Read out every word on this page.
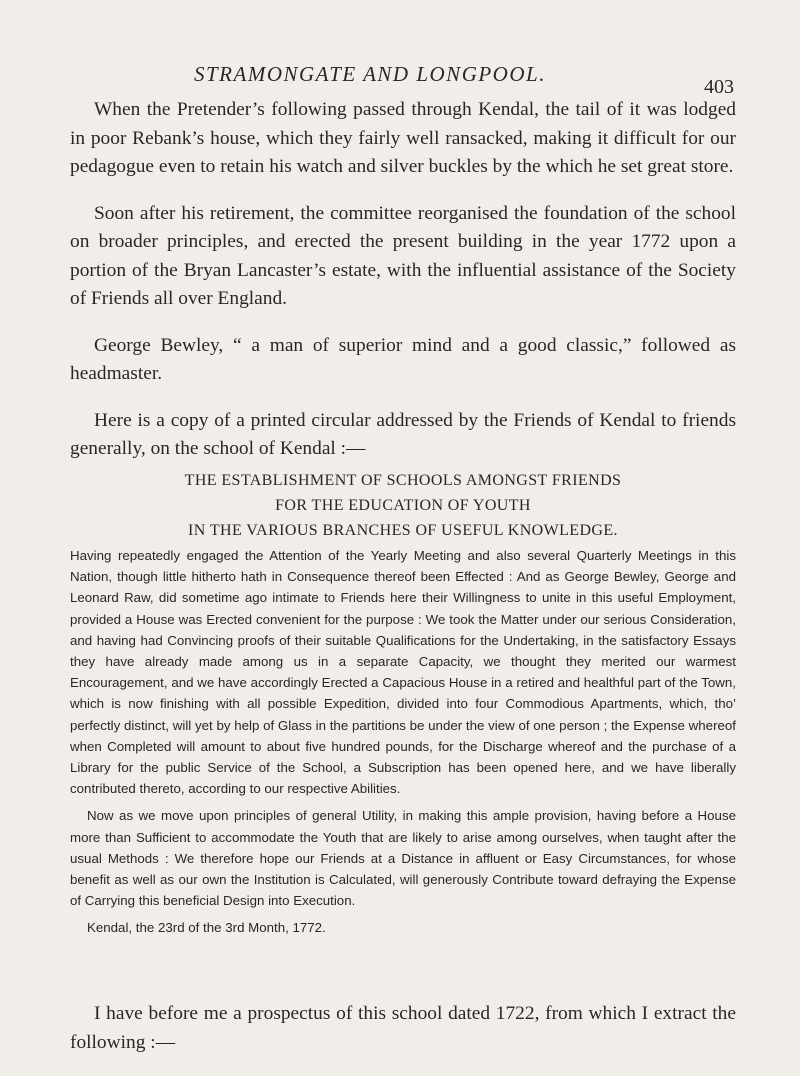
STRAMONGATE AND LONGPOOL.
403

When the Pretender’s following passed through Kendal, the tail of it was lodged in poor Rebank’s house, which they fairly well ransacked, making it difficult for our pedagogue even to retain his watch and silver buckles by the which he set great store.

Soon after his retirement, the committee reorganised the foundation of the school on broader principles, and erected the present building in the year 1772 upon a portion of the Bryan Lancaster’s estate, with the influential assistance of the Society of Friends all over England.

George Bewley, “ a man of superior mind and a good classic,” followed as headmaster.

Here is a copy of a printed circular addressed by the Friends of Kendal to friends generally, on the school of Kendal :—

THE ESTABLISHMENT OF SCHOOLS AMONGST FRIENDS
FOR THE EDUCATION OF YOUTH
IN THE VARIOUS BRANCHES OF USEFUL KNOWLEDGE.

Having repeatedly engaged the Attention of the Yearly Meeting and also several Quarterly Meetings in this Nation, though little hitherto hath in Consequence thereof been Effected : And as George Bewley, George and Leonard Raw, did sometime ago intimate to Friends here their Willingness to unite in this useful Employment, provided a House was Erected convenient for the purpose : We took the Matter under our serious Consideration, and having had Convincing proofs of their suitable Qualifications for the Undertaking, in the satisfactory Essays they have already made among us in a separate Capacity, we thought they merited our warmest Encouragement, and we have accordingly Erected a Capacious House in a retired and healthful part of the Town, which is now finishing with all possible Expedition, divided into four Commodious Apartments, which, tho’ perfectly distinct, will yet by help of Glass in the partitions be under the view of one person ; the Expense whereof when Completed will amount to about five hundred pounds, for the Discharge whereof and the purchase of a Library for the public Service of the School, a Subscription has been opened here, and we have liberally contributed thereto, according to our respective Abilities.

Now as we move upon principles of general Utility, in making this ample provision, having before a House more than Sufficient to accommodate the Youth that are likely to arise among ourselves, when taught after the usual Methods : We therefore hope our Friends at a Distance in affluent or Easy Circumstances, for whose benefit as well as our own the Institution is Calculated, will generously Contribute toward defraying the Expense of Carrying this beneficial Design into Execution.

Kendal, the 23rd of the 3rd Month, 1772.

I have before me a prospectus of this school dated 1722, from which I extract the following :—
